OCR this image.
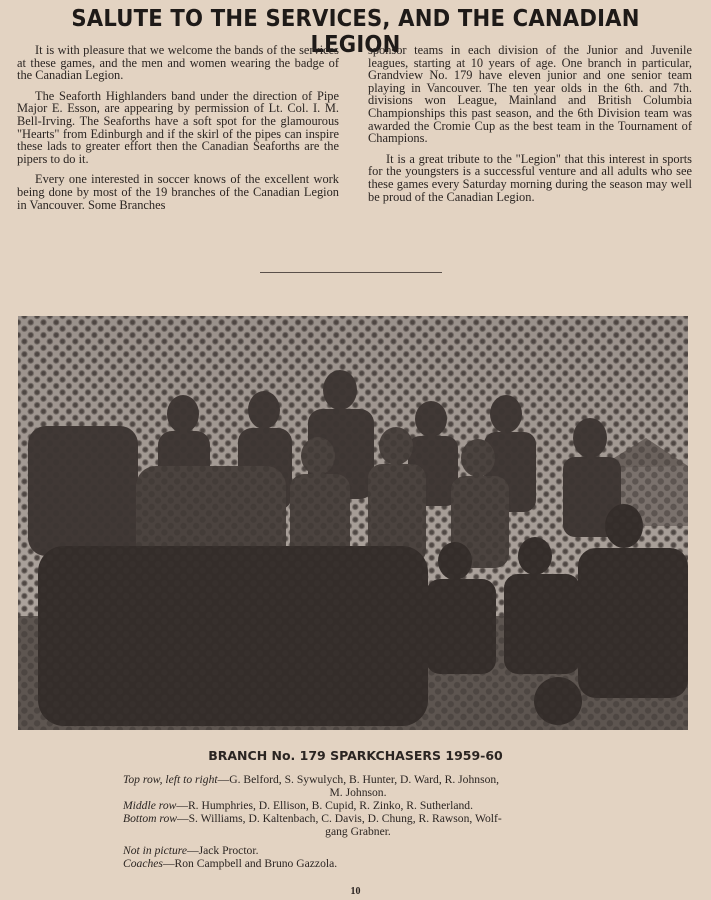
SALUTE TO THE SERVICES, AND THE CANADIAN LEGION

It is with pleasure that we welcome the bands of the services at these games, and the men and women wearing the badge of the Canadian Legion.

The Seaforth Highlanders band under the direction of Pipe Major E. Esson, are appearing by permission of Lt. Col. I. M. Bell-Irving. The Seaforths have a soft spot for the glamourous "Hearts" from Edinburgh and if the skirl of the pipes can inspire these lads to greater effort then the Canadian Seaforths are the pipers to do it.

Every one interested in soccer knows of the excellent work being done by most of the 19 branches of the Canadian Legion in Vancouver. Some Branches

sponsor teams in each division of the Junior and Juvenile leagues, starting at 10 years of age. One branch in particular, Grandview No. 179 have eleven junior and one senior team playing in Vancouver. The ten year olds in the 6th. and 7th. divisions won League, Mainland and British Columbia Championships this past season, and the 6th Division team was awarded the Cromie Cup as the best team in the Tournament of Champions.

It is a great tribute to the "Legion" that this interest in sports for the youngsters is a successful venture and all adults who see these games every Saturday morning during the season may well be proud of the Canadian Legion.

BRANCH No. 179 SPARKCHASERS 1959-60
Top row, left to right—G. Belford, S. Sywulych, B. Hunter, D. Ward, R. Johnson,
M. Johnson.
Middle row—R. Humphries, D. Ellison, B. Cupid, R. Zinko, R. Sutherland.
Bottom row—S. Williams, D. Kaltenbach, C. Davis, D. Chung, R. Rawson, Wolf-
gang Grabner.
Not in picture—Jack Proctor.
Coaches—Ron Campbell and Bruno Gazzola.
10
